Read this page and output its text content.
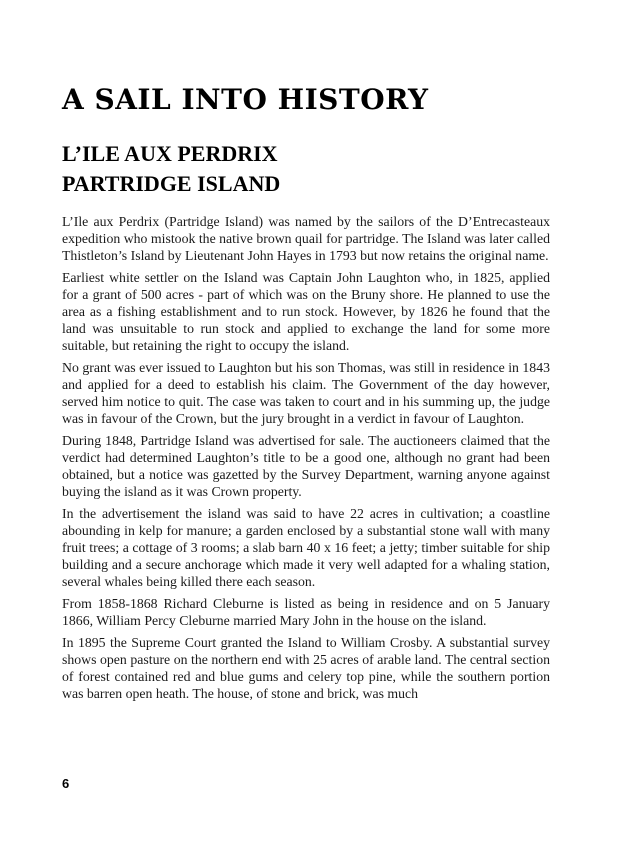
A SAIL INTO HISTORY
L’ILE AUX PERDRIX
PARTRIDGE ISLAND

L’Ile aux Perdrix (Partridge Island) was named by the sailors of the D’Entrecasteaux expedition who mistook the native brown quail for partridge. The Island was later called Thistleton’s Island by Lieutenant John Hayes in 1793 but now retains the original name.

Earliest white settler on the Island was Captain John Laughton who, in 1825, applied for a grant of 500 acres - part of which was on the Bruny shore. He planned to use the area as a fishing establishment and to run stock. However, by 1826 he found that the land was unsuitable to run stock and applied to exchange the land for some more suitable, but retaining the right to occupy the island.

No grant was ever issued to Laughton but his son Thomas, was still in residence in 1843 and applied for a deed to establish his claim. The Government of the day however, served him notice to quit. The case was taken to court and in his summing up, the judge was in favour of the Crown, but the jury brought in a verdict in favour of Laughton.

During 1848, Partridge Island was advertised for sale. The auctioneers claimed that the verdict had determined Laughton’s title to be a good one, although no grant had been obtained, but a notice was gazetted by the Survey Department, warning anyone against buying the island as it was Crown property.

In the advertisement the island was said to have 22 acres in cultivation; a coastline abounding in kelp for manure; a garden enclosed by a substantial stone wall with many fruit trees; a cottage of 3 rooms; a slab barn 40 x 16 feet; a jetty; timber suitable for ship building and a secure anchorage which made it very well adapted for a whaling station, several whales being killed there each season.

From 1858-1868 Richard Cleburne is listed as being in residence and on 5 January 1866, William Percy Cleburne married Mary John in the house on the island.

In 1895 the Supreme Court granted the Island to William Crosby. A substantial survey shows open pasture on the northern end with 25 acres of arable land. The central section of forest contained red and blue gums and celery top pine, while the southern portion was barren open heath. The house, of stone and brick, was much

6
